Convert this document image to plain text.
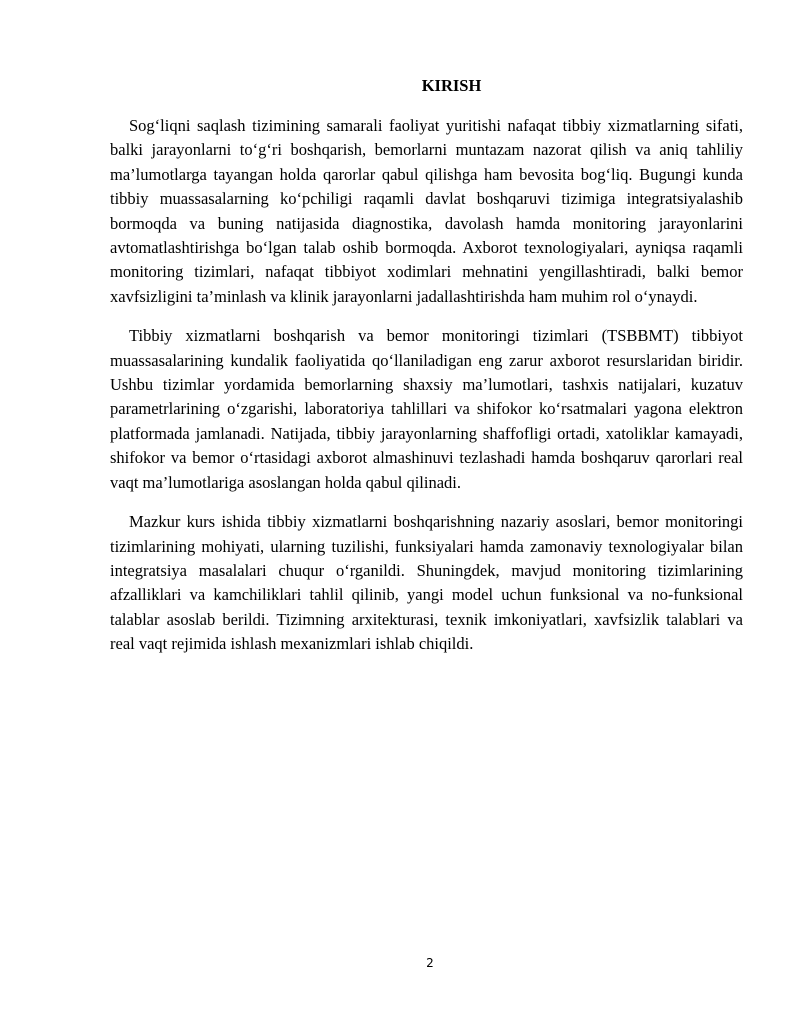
KIRISH

Sog‘liqni saqlash tizimining samarali faoliyat yuritishi nafaqat tibbiy xizmatlarning sifati, balki jarayonlarni to‘g‘ri boshqarish, bemorlarni muntazam nazorat qilish va aniq tahliliy ma’lumotlarga tayangan holda qarorlar qabul qilishga ham bevosita bog‘liq. Bugungi kunda tibbiy muassasalarning ko‘pchiligi raqamli davlat boshqaruvi tizimiga integratsiyalashib bormoqda va buning natijasida diagnostika, davolash hamda monitoring jarayonlarini avtomatlashtirishga bo‘lgan talab oshib bormoqda. Axborot texnologiyalari, ayniqsa raqamli monitoring tizimlari, nafaqat tibbiyot xodimlari mehnatini yengillashtiradi, balki bemor xavfsizligini ta’minlash va klinik jarayonlarni jadallashtirishda ham muhim rol o‘ynaydi.

Tibbiy xizmatlarni boshqarish va bemor monitoringi tizimlari (TSBBMT) tibbiyot muassasalarining kundalik faoliyatida qo‘llaniladigan eng zarur axborot resurslaridan biridir. Ushbu tizimlar yordamida bemorlarning shaxsiy ma’lumotlari, tashxis natijalari, kuzatuv parametrlarining o‘zgarishi, laboratoriya tahlillari va shifokor ko‘rsatmalari yagona elektron platformada jamlanadi. Natijada, tibbiy jarayonlarning shaffofligi ortadi, xatoliklar kamayadi, shifokor va bemor o‘rtasidagi axborot almashinuvi tezlashadi hamda boshqaruv qarorlari real vaqt ma’lumotlariga asoslangan holda qabul qilinadi.

Mazkur kurs ishida tibbiy xizmatlarni boshqarishning nazariy asoslari, bemor monitoringi tizimlarining mohiyati, ularning tuzilishi, funksiyalari hamda zamonaviy texnologiyalar bilan integratsiya masalalari chuqur o‘rganildi. Shuningdek, mavjud monitoring tizimlarining afzalliklari va kamchiliklari tahlil qilinib, yangi model uchun funksional va no-funksional talablar asoslab berildi. Tizimning arxitekturasi, texnik imkoniyatlari, xavfsizlik talablari va real vaqt rejimida ishlash mexanizmlari ishlab chiqildi.

2
